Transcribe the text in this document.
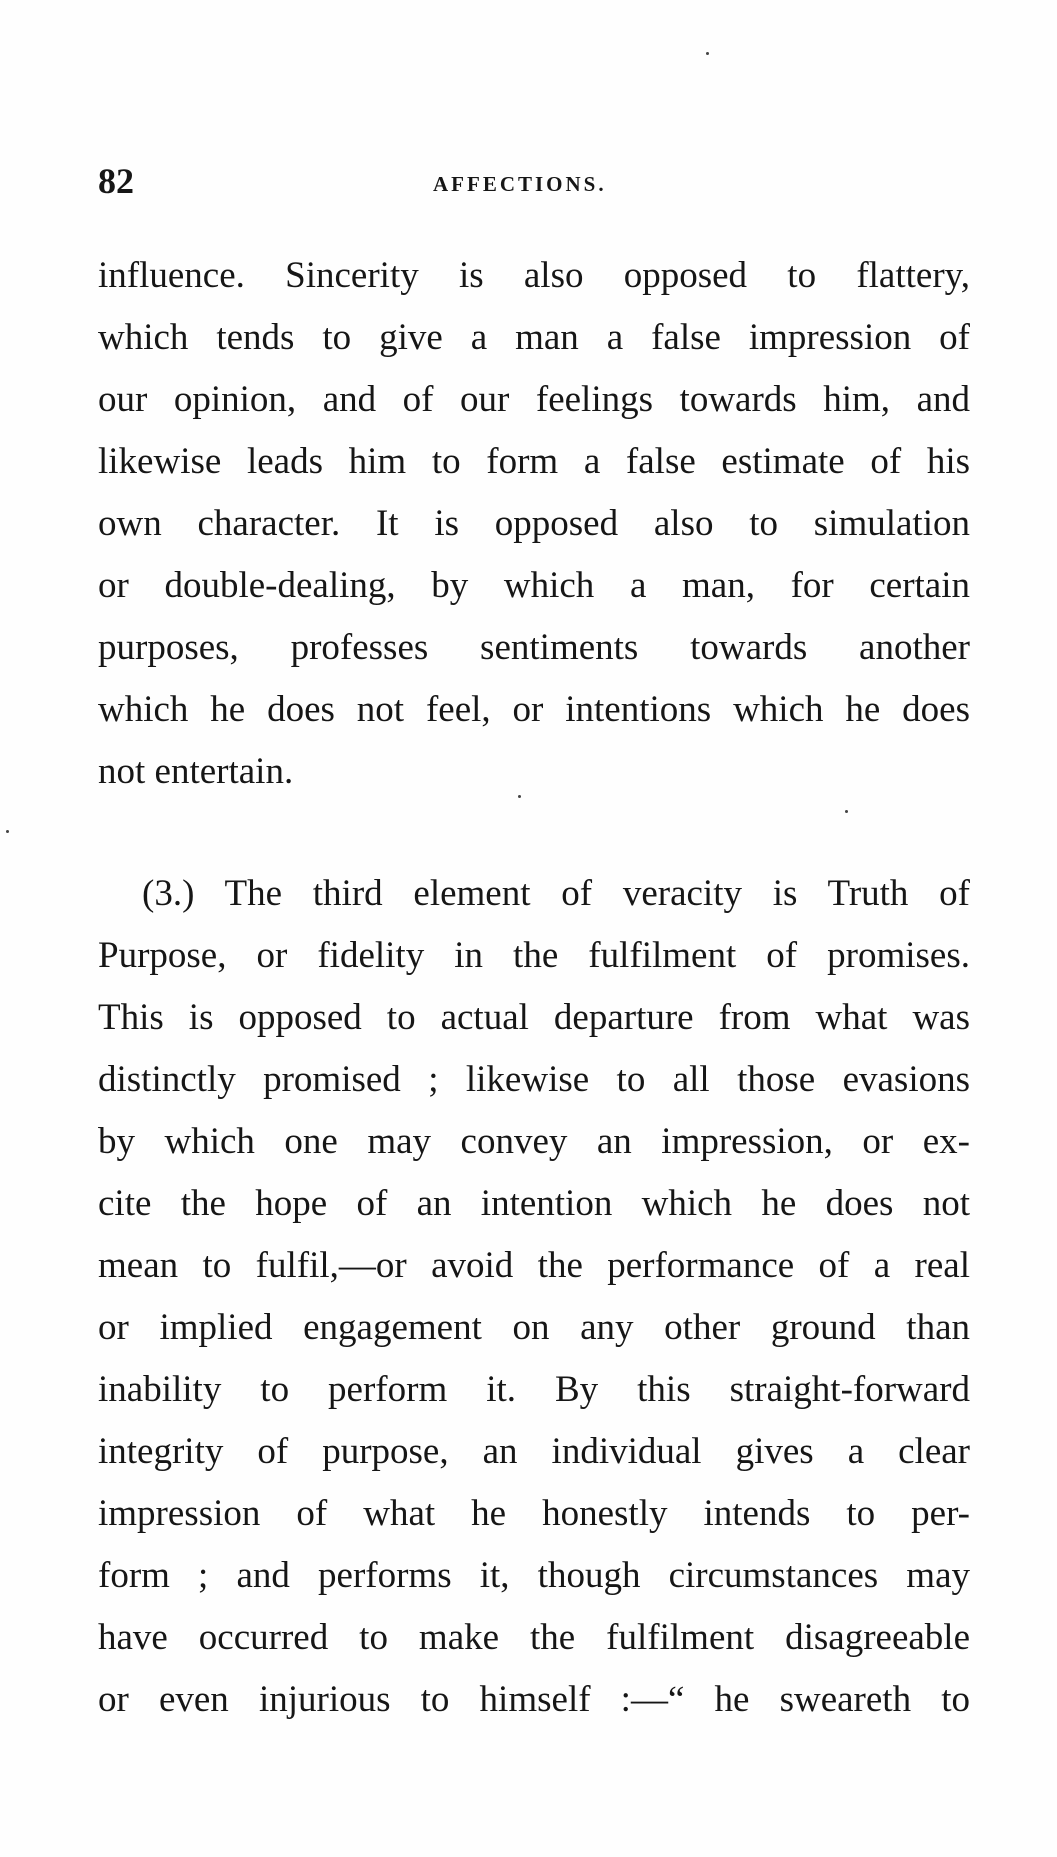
82	AFFECTIONS.
influence. Sincerity is also opposed to flattery,
which tends to give a man a false impression of
our opinion, and of our feelings towards him, and
likewise leads him to form a false estimate of his
own character. It is opposed also to simulation
or double-dealing, by which a man, for certain
purposes, professes sentiments towards another
which he does not feel, or intentions which he does
not entertain.
(3.) The third element of veracity is Truth of
Purpose, or fidelity in the fulfilment of promises.
This is opposed to actual departure from what was
distinctly promised ; likewise to all those evasions
by which one may convey an impression, or ex-
cite the hope of an intention which he does not
mean to fulfil,—or avoid the performance of a real
or implied engagement on any other ground than
inability to perform it. By this straight-forward
integrity of purpose, an individual gives a clear
impression of what he honestly intends to per-
form ; and performs it, though circumstances may
have occurred to make the fulfilment disagreeable
or even injurious to himself :—“ he sweareth to
